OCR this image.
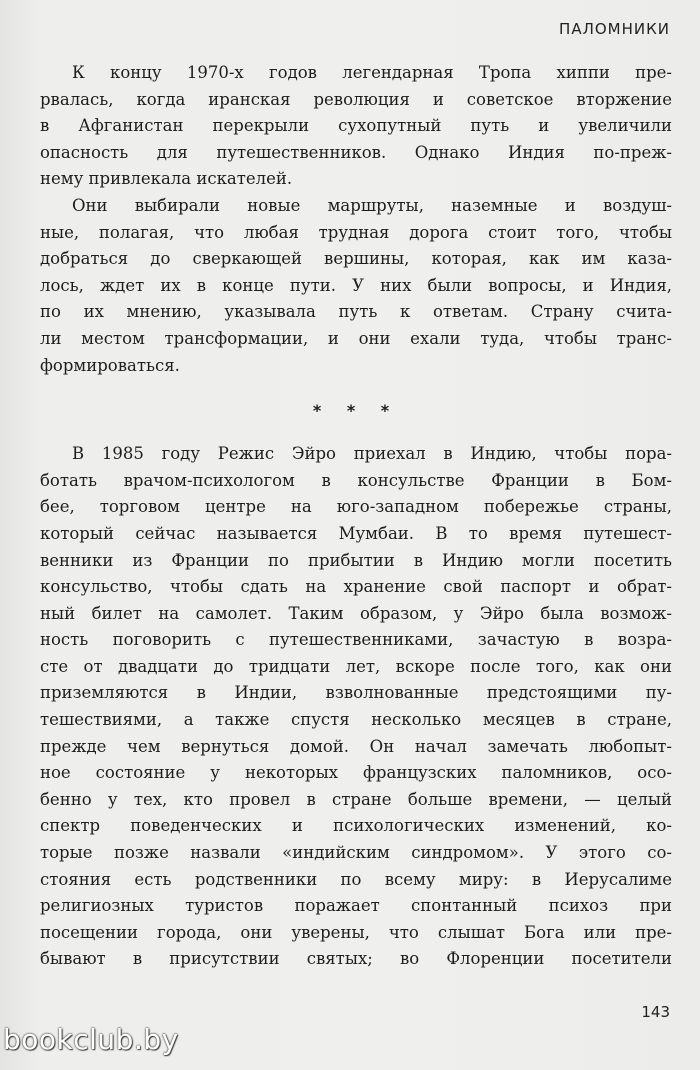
ПАЛОМНИКИ
К концу 1970-х годов легендарная Тропа хиппи пре-
рвалась, когда иранская революция и советское вторжение
в Афганистан перекрыли сухопутный путь и увеличили
опасность для путешественников. Однако Индия по-преж-
нему привлекала искателей.
Они выбирали новые маршруты, наземные и воздуш-
ные, полагая, что любая трудная дорога стоит того, чтобы
добраться до сверкающей вершины, которая, как им каза-
лось, ждет их в конце пути. У них были вопросы, и Индия,
по их мнению, указывала путь к ответам. Страну счита-
ли местом трансформации, и они ехали туда, чтобы транс-
формироваться.
* * *
В 1985 году Режис Эйро приехал в Индию, чтобы пора-
ботать врачом-психологом в консульстве Франции в Бом-
бее, торговом центре на юго-западном побережье страны,
который сейчас называется Мумбаи. В то время путешест-
венники из Франции по прибытии в Индию могли посетить
консульство, чтобы сдать на хранение свой паспорт и обрат-
ный билет на самолет. Таким образом, у Эйро была возмож-
ность поговорить с путешественниками, зачастую в возра-
сте от двадцати до тридцати лет, вскоре после того, как они
приземляются в Индии, взволнованные предстоящими пу-
тешествиями, а также спустя несколько месяцев в стране,
прежде чем вернуться домой. Он начал замечать любопыт-
ное состояние у некоторых французских паломников, осо-
бенно у тех, кто провел в стране больше времени, — целый
спектр поведенческих и психологических изменений, ко-
торые позже назвали «индийским синдромом». У этого со-
стояния есть родственники по всему миру: в Иерусалиме
религиозных туристов поражает спонтанный психоз при
посещении города, они уверены, что слышат Бога или пре-
бывают в присутствии святых; во Флоренции посетители
143
bookclub.by
